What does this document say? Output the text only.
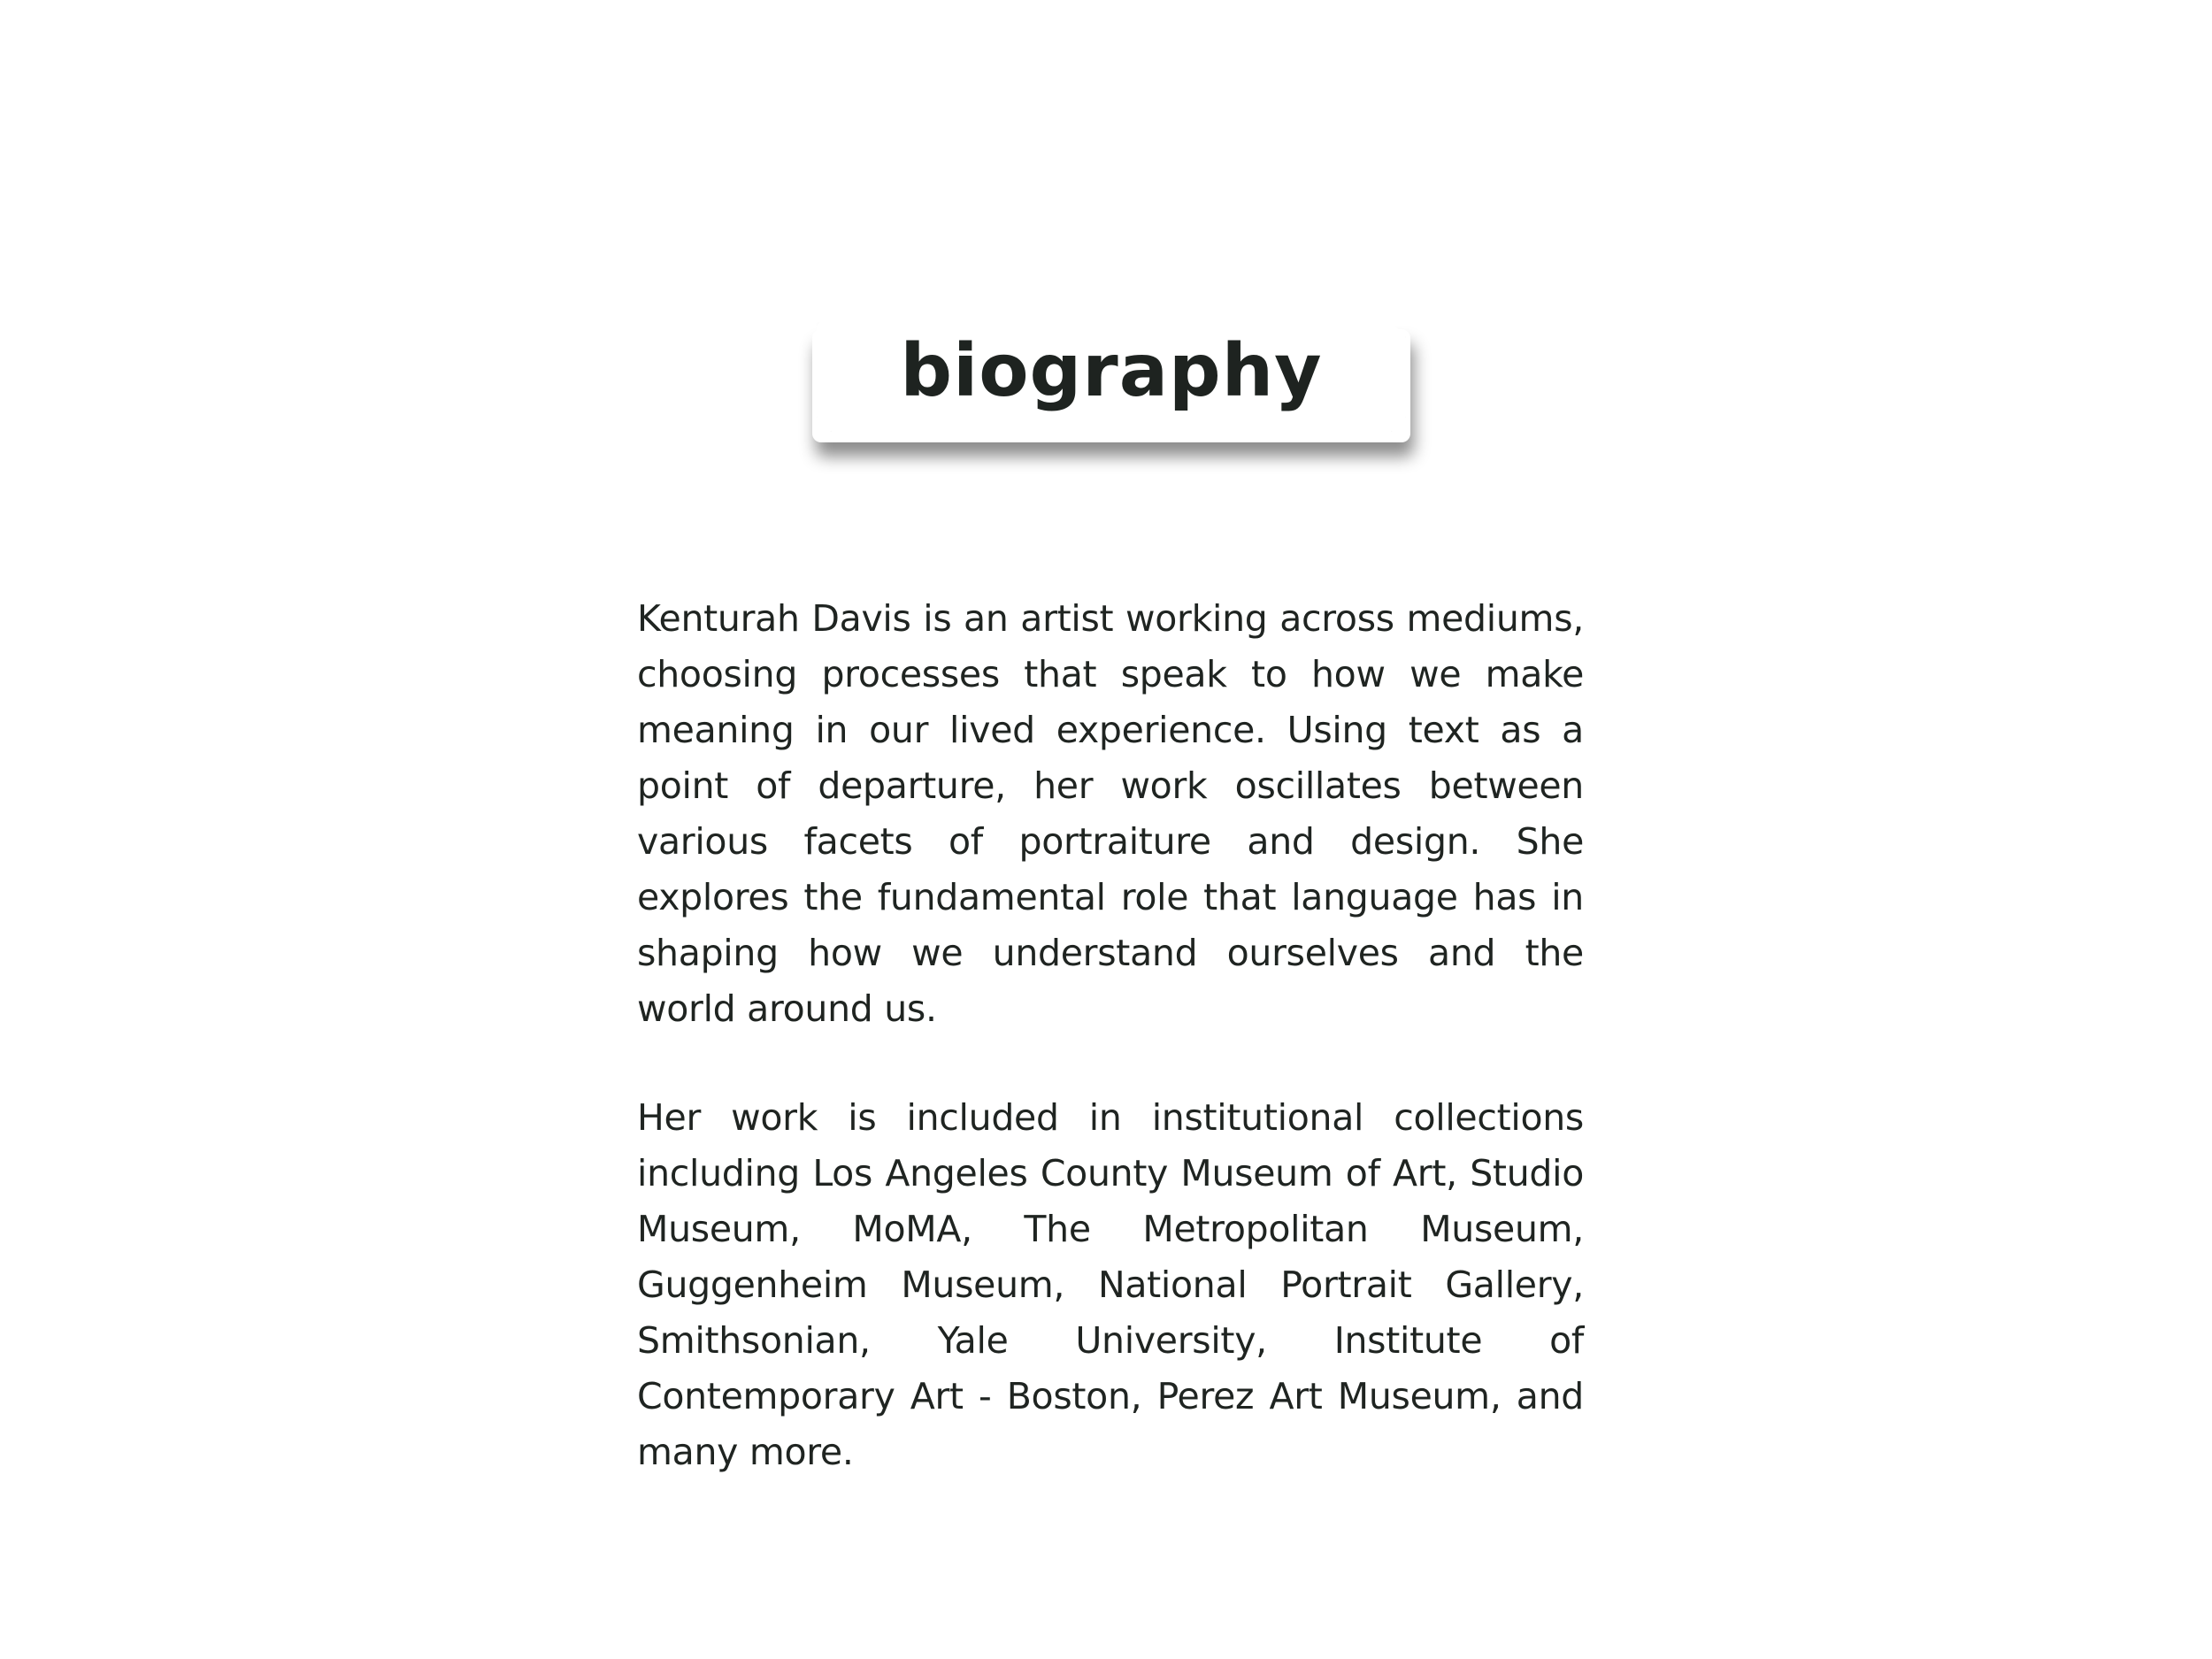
biography

Kenturah Davis is an artist working across mediums, choosing processes that speak to how we make meaning in our lived experience. Using text as a point of departure, her work oscillates between various facets of portraiture and design. She explores the fundamental role that language has in shaping how we understand ourselves and the world around us.

Her work is included in institutional collections including Los Angeles County Museum of Art, Studio Museum, MoMA, The Metropolitan Museum, Guggenheim Museum, National Portrait Gallery, Smithsonian, Yale University, Institute of Contemporary Art - Boston, Perez Art Museum, and many more.
